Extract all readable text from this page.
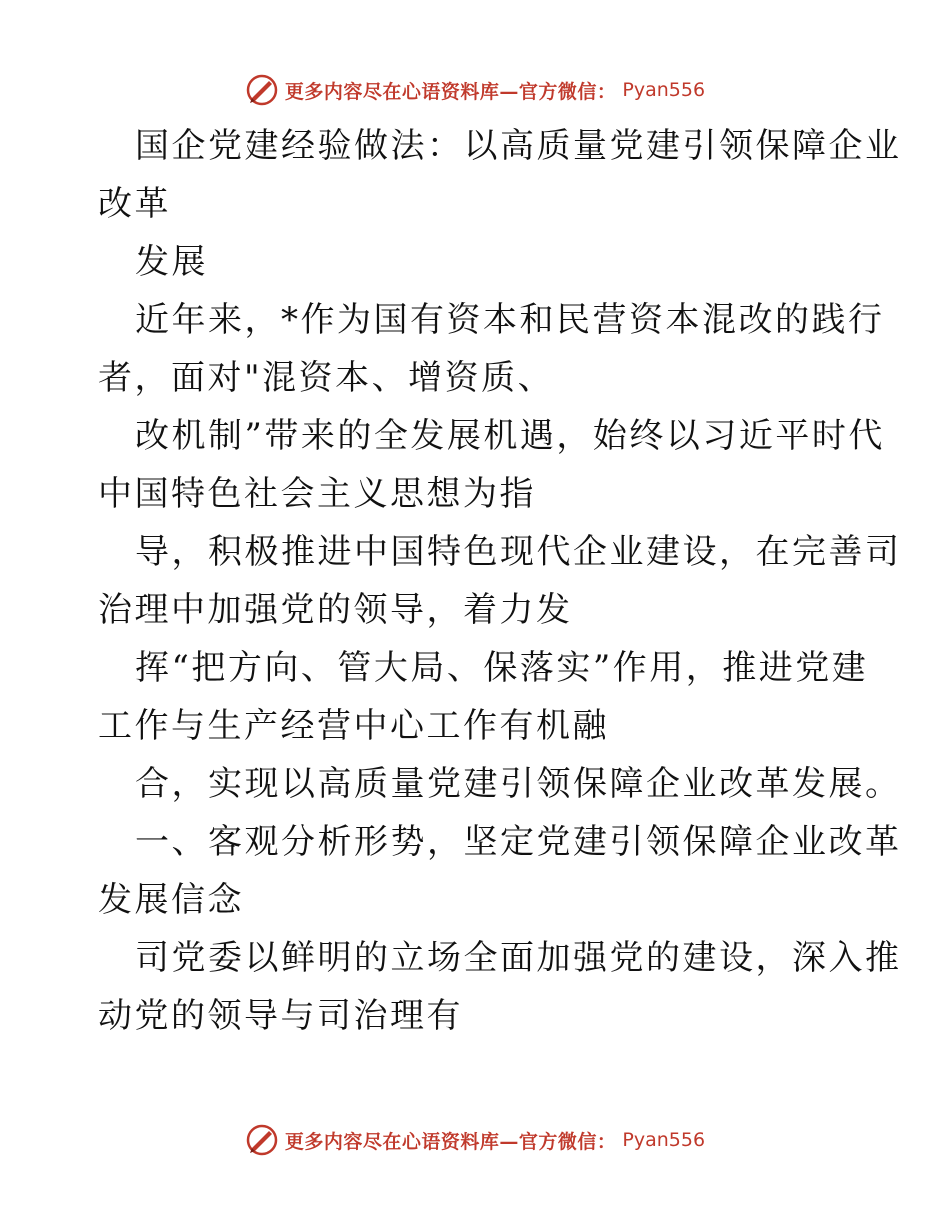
更多内容尽在心语资料库—官方微信： Pyan556
国企党建经验做法：以高质量党建引领保障企业
改革
发展
近年来，*作为国有资本和民营资本混改的践行
者，面对"混资本、增资质、
改机制”带来的全发展机遇，始终以习近平时代
中国特色社会主义思想为指
导，积极推进中国特色现代企业建设，在完善司
治理中加强党的领导，着力发
挥“把方向、管大局、保落实”作用，推进党建
工作与生产经营中心工作有机融
合，实现以高质量党建引领保障企业改革发展。
一、客观分析形势，坚定党建引领保障企业改革
发展信念
司党委以鲜明的立场全面加强党的建设，深入推
动党的领导与司治理有
更多内容尽在心语资料库—官方微信： Pyan556
